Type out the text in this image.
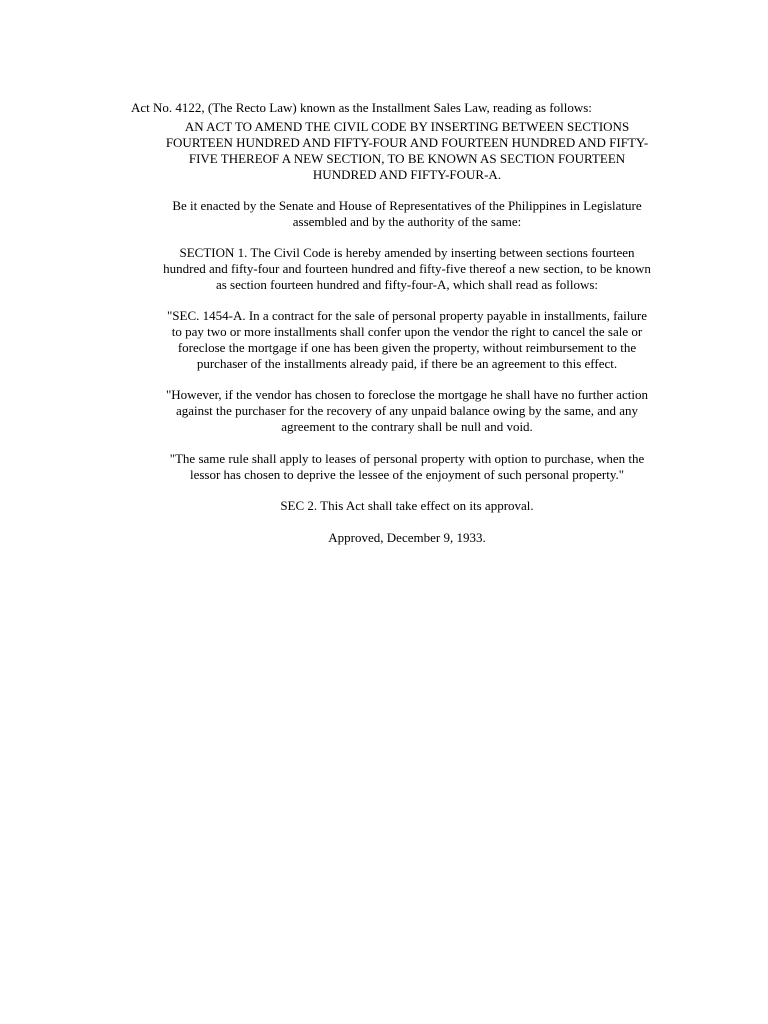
Act No. 4122, (The Recto Law) known as the Installment Sales Law, reading as follows:

AN ACT TO AMEND THE CIVIL CODE BY INSERTING BETWEEN SECTIONS

FOURTEEN HUNDRED AND FIFTY-FOUR AND FOURTEEN HUNDRED AND FIFTY-

FIVE THEREOF A NEW SECTION, TO BE KNOWN AS SECTION FOURTEEN

HUNDRED AND FIFTY-FOUR-A.

Be it enacted by the Senate and House of Representatives of the Philippines in Legislature

assembled and by the authority of the same:

SECTION 1. The Civil Code is hereby amended by inserting between sections fourteen

hundred and fifty-four and fourteen hundred and fifty-five thereof a new section, to be known

as section fourteen hundred and fifty-four-A, which shall read as follows:

"SEC. 1454-A. In a contract for the sale of personal property payable in installments, failure

to pay two or more installments shall confer upon the vendor the right to cancel the sale or

foreclose the mortgage if one has been given the property, without reimbursement to the

purchaser of the installments already paid, if there be an agreement to this effect.

"However, if the vendor has chosen to foreclose the mortgage he shall have no further action

against the purchaser for the recovery of any unpaid balance owing by the same, and any

agreement to the contrary shall be null and void.

"The same rule shall apply to leases of personal property with option to purchase, when the

lessor has chosen to deprive the lessee of the enjoyment of such personal property."

SEC 2. This Act shall take effect on its approval.

Approved, December 9, 1933.
